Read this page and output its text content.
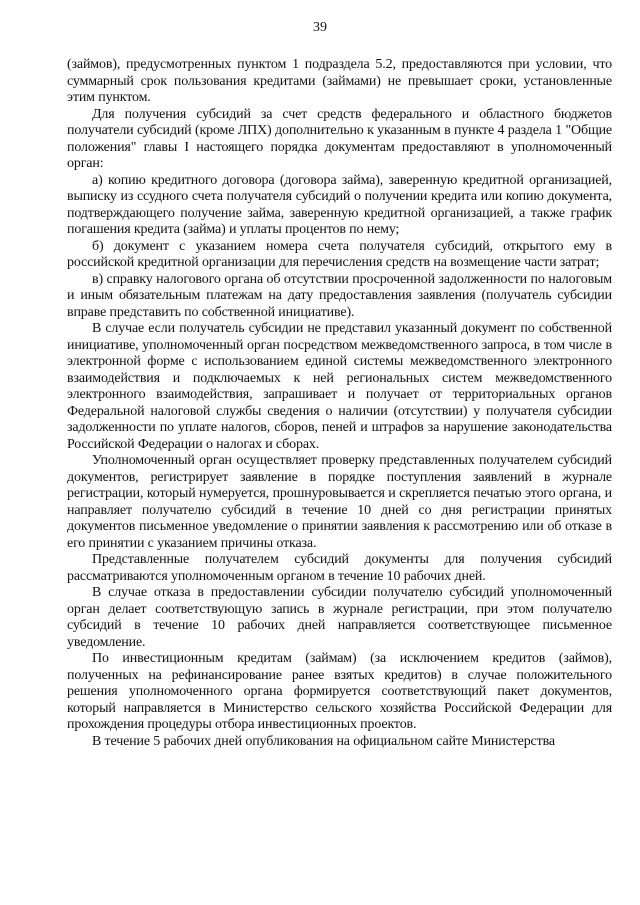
39

(займов), предусмотренных пунктом 1 подраздела 5.2, предоставляются при условии, что суммарный срок пользования кредитами (займами) не превышает сроки, установленные этим пунктом.

Для получения субсидий за счет средств федерального и областного бюджетов получатели субсидий (кроме ЛПХ) дополнительно к указанным в пункте 4 раздела 1 "Общие положения" главы I настоящего порядка документам предоставляют в уполномоченный орган:

а) копию кредитного договора (договора займа), заверенную кредитной организацией, выписку из ссудного счета получателя субсидий о получении кредита или копию документа, подтверждающего получение займа, заверенную кредитной организацией, а также график погашения кредита (займа) и уплаты процентов по нему;

б) документ с указанием номера счета получателя субсидий, открытого ему в российской кредитной организации для перечисления средств на возмещение части затрат;

в) справку налогового органа об отсутствии просроченной задолженности по налоговым и иным обязательным платежам на дату предоставления заявления (получатель субсидии вправе представить по собственной инициативе).

В случае если получатель субсидии не представил указанный документ по собственной инициативе, уполномоченный орган посредством межведомственного запроса, в том числе в электронной форме с использованием единой системы межведомственного электронного взаимодействия и подключаемых к ней региональных систем межведомственного электронного взаимодействия, запрашивает и получает от территориальных органов Федеральной налоговой службы сведения о наличии (отсутствии) у получателя субсидии задолженности по уплате налогов, сборов, пеней и штрафов за нарушение законодательства Российской Федерации о налогах и сборах.

Уполномоченный орган осуществляет проверку представленных получателем субсидий документов, регистрирует заявление в порядке поступления заявлений в журнале регистрации, который нумеруется, прошнуровывается и скрепляется печатью этого органа, и направляет получателю субсидий в течение 10 дней со дня регистрации принятых документов письменное уведомление о принятии заявления к рассмотрению или об отказе в его принятии с указанием причины отказа.

Представленные получателем субсидий документы для получения субсидий рассматриваются уполномоченным органом в течение 10 рабочих дней.

В случае отказа в предоставлении субсидии получателю субсидий уполномоченный орган делает соответствующую запись в журнале регистрации, при этом получателю субсидий в течение 10 рабочих дней направляется соответствующее письменное уведомление.

По инвестиционным кредитам (займам) (за исключением кредитов (займов), полученных на рефинансирование ранее взятых кредитов) в случае положительного решения уполномоченного органа формируется соответствующий пакет документов, который направляется в Министерство сельского хозяйства Российской Федерации для прохождения процедуры отбора инвестиционных проектов.

В течение 5 рабочих дней опубликования на официальном сайте Министерства
